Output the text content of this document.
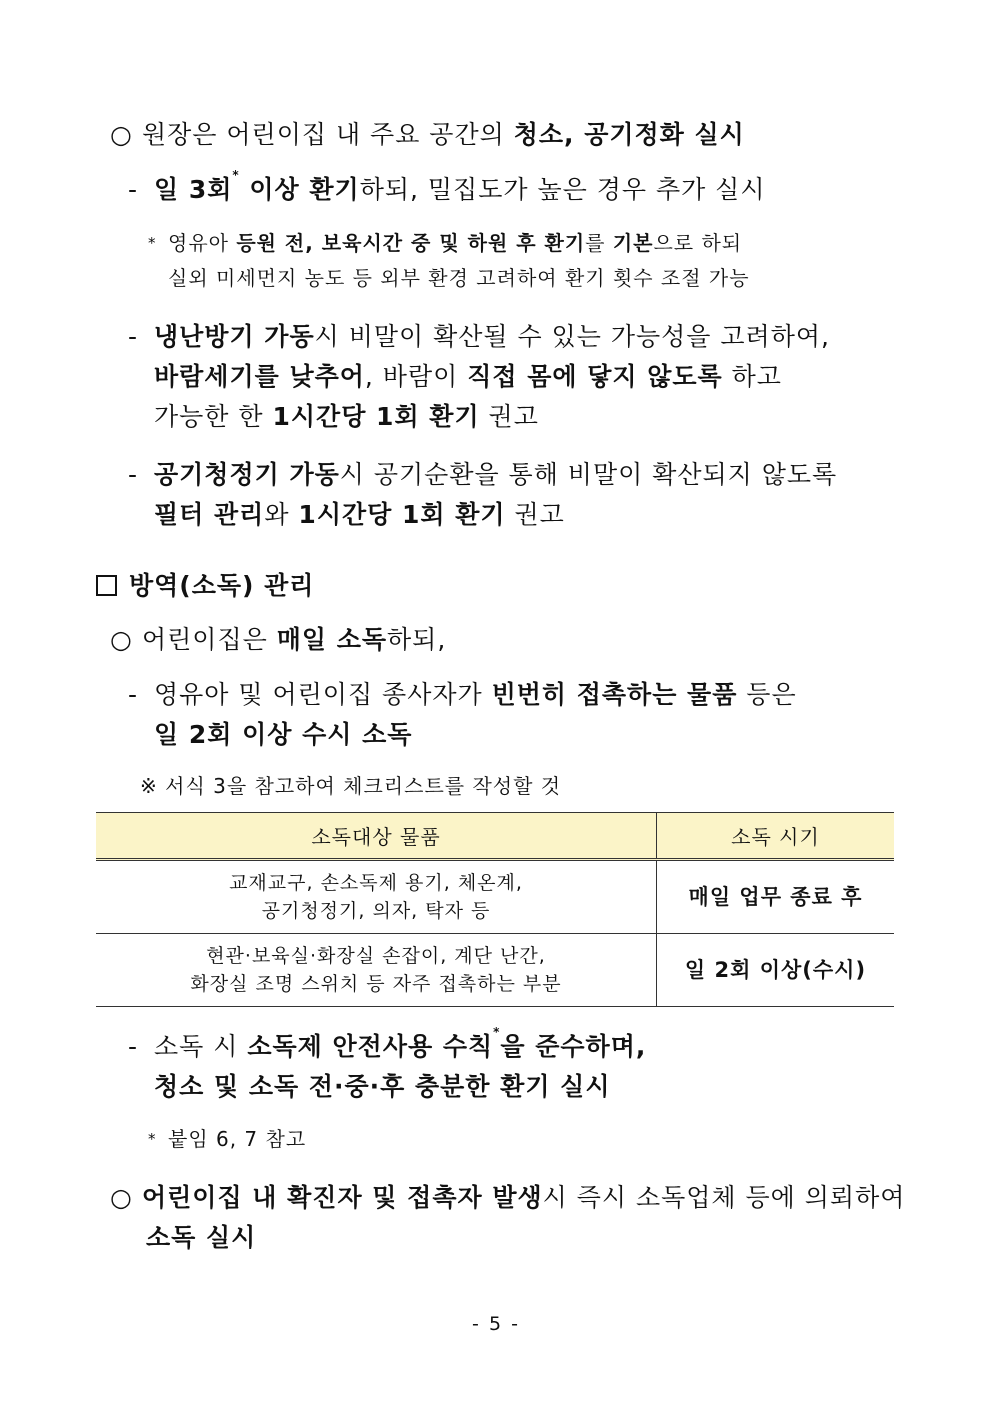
○ 원장은 어린이집 내 주요 공간의 청소, 공기정화 실시
- 일 3회* 이상 환기하되, 밀집도가 높은 경우 추가 실시
* 영유아 등원 전, 보육시간 중 및 하원 후 환기를 기본으로 하되
실외 미세먼지 농도 등 외부 환경 고려하여 환기 횟수 조절 가능
- 냉난방기 가동시 비말이 확산될 수 있는 가능성을 고려하여,
바람세기를 낮추어, 바람이 직접 몸에 닿지 않도록 하고
가능한 한 1시간당 1회 환기 권고
- 공기청정기 가동시 공기순환을 통해 비말이 확산되지 않도록
필터 관리와 1시간당 1회 환기 권고
방역(소독) 관리
○ 어린이집은 매일 소독하되,
- 영유아 및 어린이집 종사자가 빈번히 접촉하는 물품 등은
일 2회 이상 수시 소독
※ 서식 3을 참고하여 체크리스트를 작성할 것
소독대상 물품	소독 시기

교재교구, 손소독제 용기, 체온계,
공기청정기, 의자, 탁자 등	매일 업무 종료 후

현관·보육실·화장실 손잡이, 계단 난간,
화장실 조명 스위치 등 자주 접촉하는 부분	일 2회 이상(수시)
- 소독 시 소독제 안전사용 수칙*을 준수하며,
청소 및 소독 전·중·후 충분한 환기 실시
* 붙임 6, 7 참고
○ 어린이집 내 확진자 및 접촉자 발생시 즉시 소독업체 등에 의뢰하여
소독 실시
- 5 -
